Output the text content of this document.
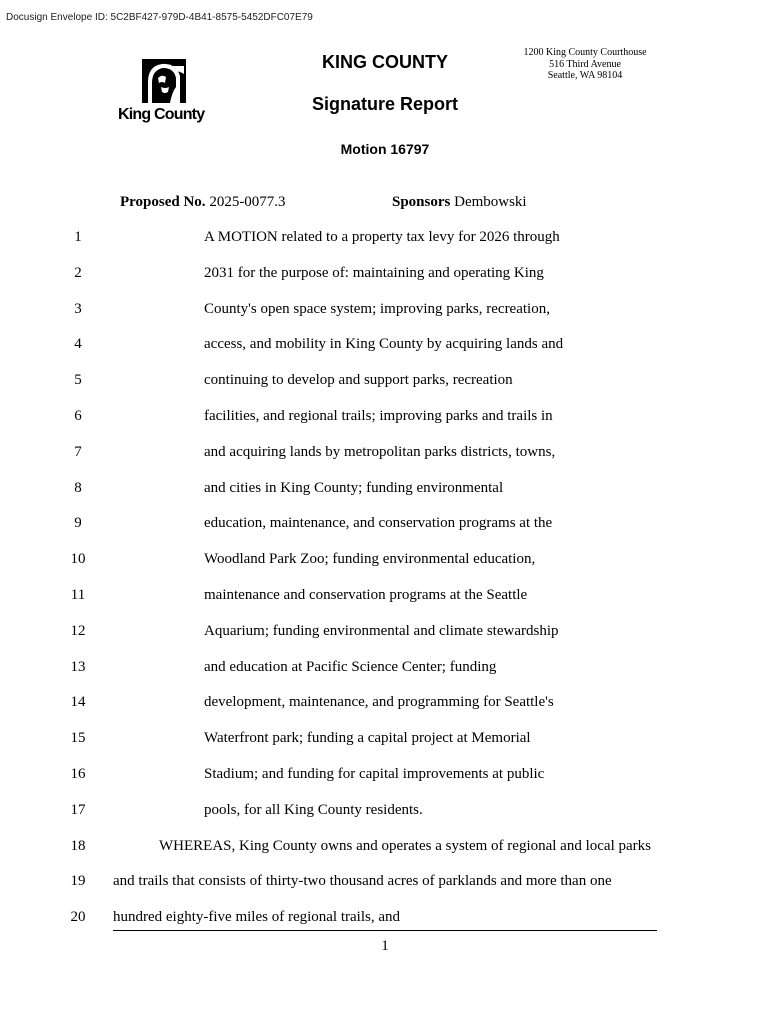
Docusign Envelope ID: 5C2BF427-979D-4B41-8575-5452DFC07E79
King County
KING COUNTY
Signature Report
Motion 16797
1200 King County Courthouse
516 Third Avenue
Seattle, WA 98104
Proposed No. 2025-0077.3	Sponsors Dembowski
1	A MOTION related to a property tax levy for 2026 through
2	2031 for the purpose of: maintaining and operating King
3	County's open space system; improving parks, recreation,
4	access, and mobility in King County by acquiring lands and
5	continuing to develop and support parks, recreation
6	facilities, and regional trails; improving parks and trails in
7	and acquiring lands by metropolitan parks districts, towns,
8	and cities in King County; funding environmental
9	education, maintenance, and conservation programs at the
10	Woodland Park Zoo; funding environmental education,
11	maintenance and conservation programs at the Seattle
12	Aquarium; funding environmental and climate stewardship
13	and education at Pacific Science Center; funding
14	development, maintenance, and programming for Seattle's
15	Waterfront park; funding a capital project at Memorial
16	Stadium; and funding for capital improvements at public
17	pools, for all King County residents.
18	WHEREAS, King County owns and operates a system of regional and local parks
19	and trails that consists of thirty-two thousand acres of parklands and more than one
20	hundred eighty-five miles of regional trails, and
1
